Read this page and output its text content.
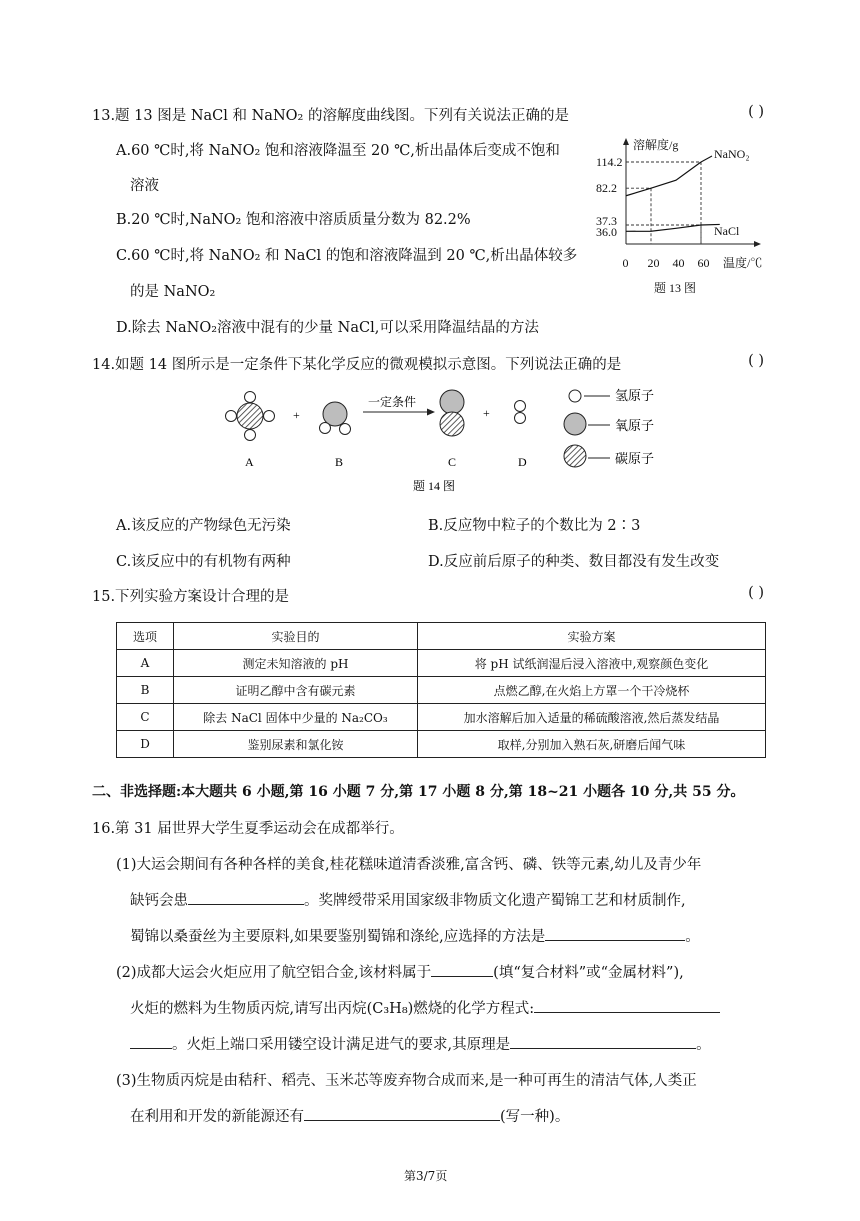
13.题 13 图是 NaCl 和 NaNO₂ 的溶解度曲线图。下列有关说法正确的是	( )
A.60 ℃时,将 NaNO₂ 饱和溶液降温至 20 ℃,析出晶体后变成不饱和
溶液
B.20 ℃时,NaNO₂ 饱和溶液中溶质质量分数为 82.2%
C.60 ℃时,将 NaNO₂ 和 NaCl 的饱和溶液降温到 20 ℃,析出晶体较多
的是 NaNO₂
D.除去 NaNO₂溶液中混有的少量 NaCl,可以采用降温结晶的方法
溶解度/g
温度/℃
0 20 40 60
114.2
82.2
37.3
36.0
NaNO₂
NaCl
题 13 图
14.如题 14 图所示是一定条件下某化学反应的微观模拟示意图。下列说法正确的是	( )
+
一定条件
+
A	B	C	D
氢原子
氧原子
碳原子
题 14 图
A.该反应的产物绿色无污染	B.反应物中粒子的个数比为 2∶3
C.该反应中的有机物有两种	D.反应前后原子的种类、数目都没有发生改变
15.下列实验方案设计合理的是	( )
选项	实验目的	实验方案
A	测定未知溶液的 pH	将 pH 试纸润湿后浸入溶液中,观察颜色变化
B	证明乙醇中含有碳元素	点燃乙醇,在火焰上方罩一个干冷烧杯
C	除去 NaCl 固体中少量的 Na₂CO₃	加水溶解后加入适量的稀硫酸溶液,然后蒸发结晶
D	鉴别尿素和氯化铵	取样,分别加入熟石灰,研磨后闻气味
二、非选择题:本大题共 6 小题,第 16 小题 7 分,第 17 小题 8 分,第 18~21 小题各 10 分,共 55 分。
16.第 31 届世界大学生夏季运动会在成都举行。
(1)大运会期间有各种各样的美食,桂花糕味道清香淡雅,富含钙、磷、铁等元素,幼儿及青少年
缺钙会患	。奖牌绶带采用国家级非物质文化遗产蜀锦工艺和材质制作,
蜀锦以桑蚕丝为主要原料,如果要鉴别蜀锦和涤纶,应选择的方法是	。
(2)成都大运会火炬应用了航空铝合金,该材料属于	(填“复合材料”或“金属材料”),
火炬的燃料为生物质丙烷,请写出丙烷(C₃H₈)燃烧的化学方程式:
。火炬上端口采用镂空设计满足进气的要求,其原理是	。
(3)生物质丙烷是由秸秆、稻壳、玉米芯等废弃物合成而来,是一种可再生的清洁气体,人类正
在利用和开发的新能源还有	(写一种)。
第3/7页
